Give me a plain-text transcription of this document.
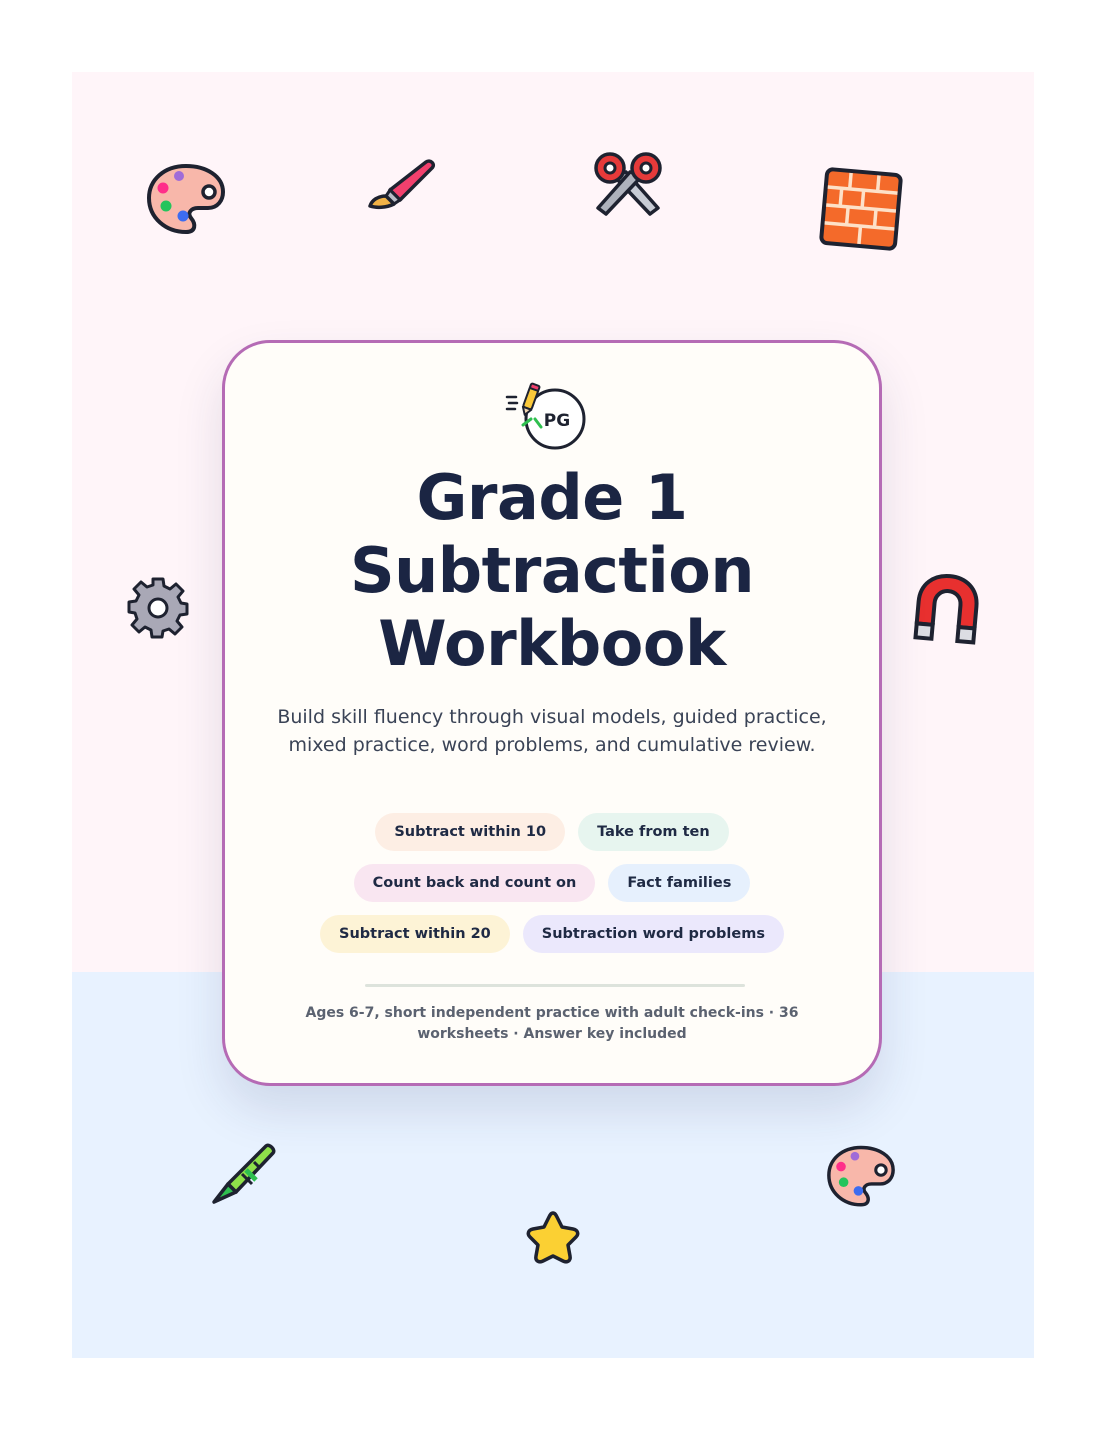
PG
Grade 1
Subtraction
Workbook

Build skill fluency through visual models, guided practice, mixed practice, word problems, and cumulative review.

Subtract within 10	Take from ten
Count back and count on	Fact families
Subtract within 20	Subtraction word problems

Ages 6-7, short independent practice with adult check-ins · 36 worksheets · Answer key included
